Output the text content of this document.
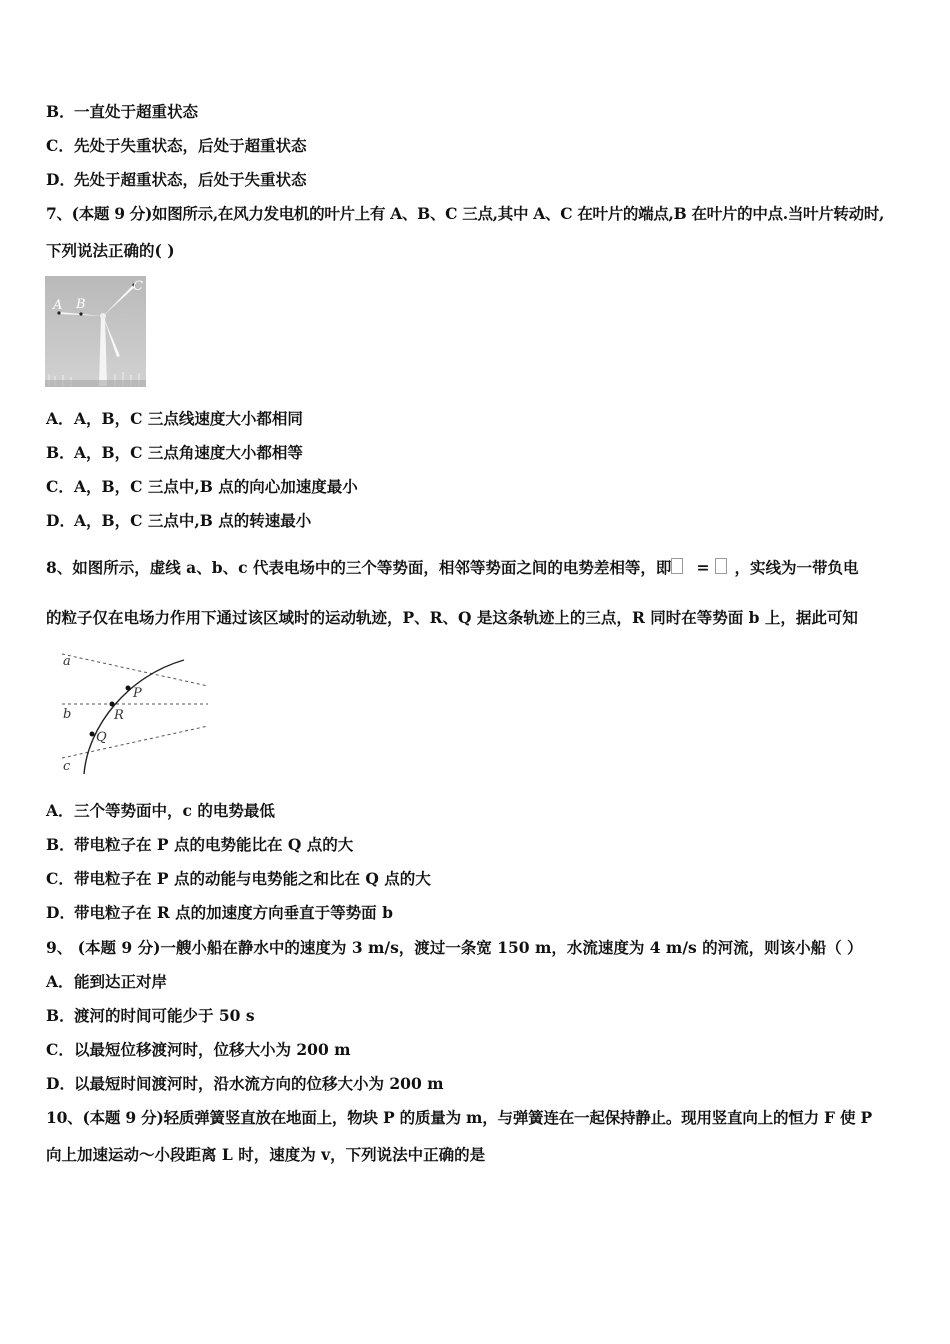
B．一直处于超重状态
C．先处于失重状态，后处于超重状态
D．先处于超重状态，后处于失重状态
7、(本题 9 分)如图所示,在风力发电机的叶片上有 A、B、C 三点,其中 A、C 在叶片的端点,B 在叶片的中点.当叶片转动时,
下列说法正确的( )
A B
C
A．A，B，C 三点线速度大小都相同
B．A，B，C 三点角速度大小都相等
C．A，B，C 三点中,B 点的向心加速度最小
D．A，B，C 三点中,B 点的转速最小
8、如图所示，虚线 a、b、c 代表电场中的三个等势面，相邻等势面之间的电势差相等，即   =   ，实线为一带负电
的粒子仅在电场力作用下通过该区域时的运动轨迹，P、R、Q 是这条轨迹上的三点，R 同时在等势面 b 上，据此可知
a
b
c
P
R
Q
A．三个等势面中，c 的电势最低
B．带电粒子在 P 点的电势能比在 Q 点的大
C．带电粒子在 P 点的动能与电势能之和比在 Q 点的大
D．带电粒子在 R 点的加速度方向垂直于等势面 b
9、 (本题 9 分)一艘小船在静水中的速度为 3 m/s，渡过一条宽 150 m，水流速度为 4 m/s 的河流，则该小船（ ）
A．能到达正对岸
B．渡河的时间可能少于 50 s
C．以最短位移渡河时，位移大小为 200 m
D．以最短时间渡河时，沿水流方向的位移大小为 200 m
10、(本题 9 分)轻质弹簧竖直放在地面上，物块 P 的质量为 m，与弹簧连在一起保持静止。现用竖直向上的恒力 F 使 P
向上加速运动～小段距离 L 时，速度为 v，下列说法中正确的是
